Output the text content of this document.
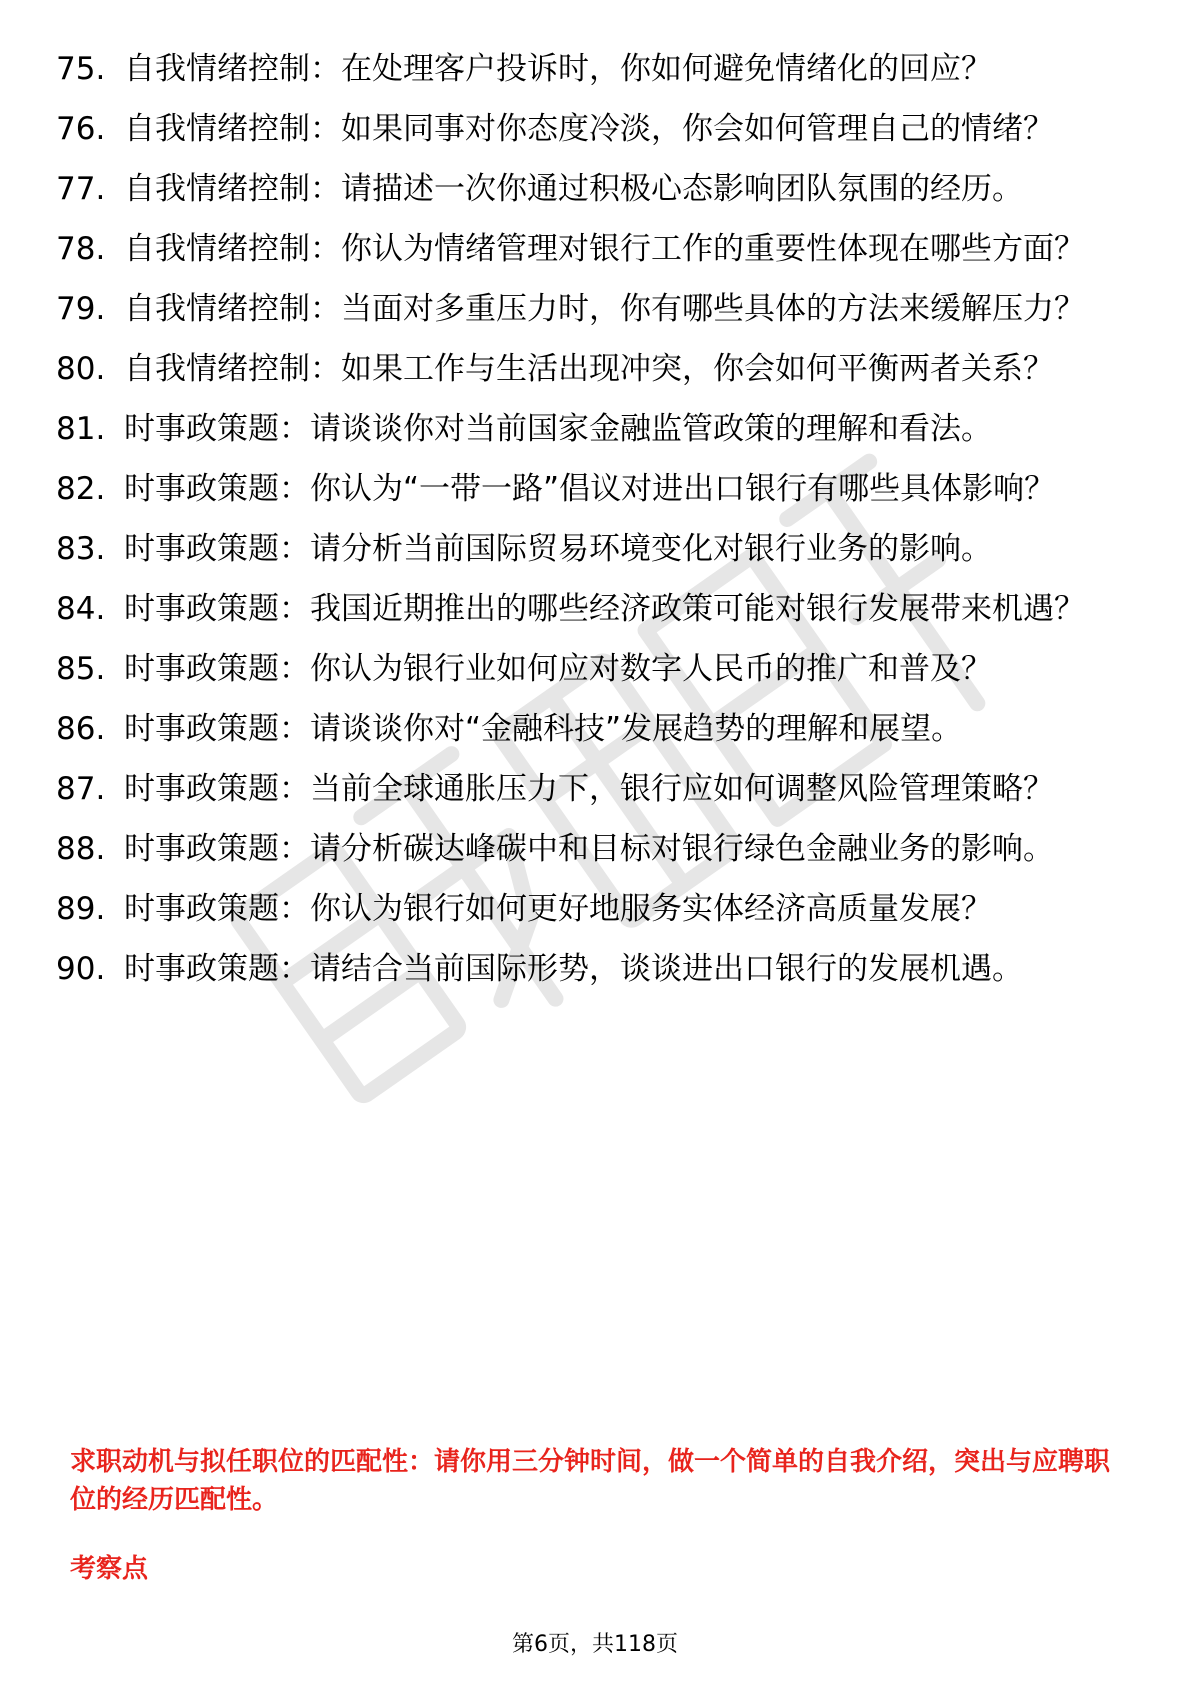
75. 自我情绪控制：在处理客户投诉时，你如何避免情绪化的回应？
76. 自我情绪控制：如果同事对你态度冷淡，你会如何管理自己的情绪？
77. 自我情绪控制：请描述一次你通过积极心态影响团队氛围的经历。
78. 自我情绪控制：你认为情绪管理对银行工作的重要性体现在哪些方面？
79. 自我情绪控制：当面对多重压力时，你有哪些具体的方法来缓解压力？
80. 自我情绪控制：如果工作与生活出现冲突，你会如何平衡两者关系？
81. 时事政策题：请谈谈你对当前国家金融监管政策的理解和看法。
82. 时事政策题：你认为“一带一路”倡议对进出口银行有哪些具体影响？
83. 时事政策题：请分析当前国际贸易环境变化对银行业务的影响。
84. 时事政策题：我国近期推出的哪些经济政策可能对银行发展带来机遇？
85. 时事政策题：你认为银行业如何应对数字人民币的推广和普及？
86. 时事政策题：请谈谈你对“金融科技”发展趋势的理解和展望。
87. 时事政策题：当前全球通胀压力下，银行应如何调整风险管理策略？
88. 时事政策题：请分析碳达峰碳中和目标对银行绿色金融业务的影响。
89. 时事政策题：你认为银行如何更好地服务实体经济高质量发展？
90. 时事政策题：请结合当前国际形势，谈谈进出口银行的发展机遇。
求职动机与拟任职位的匹配性：请你用三分钟时间，做一个简单的自我介绍，突出与应聘职位的经历匹配性。
考察点
第6页，共118页
